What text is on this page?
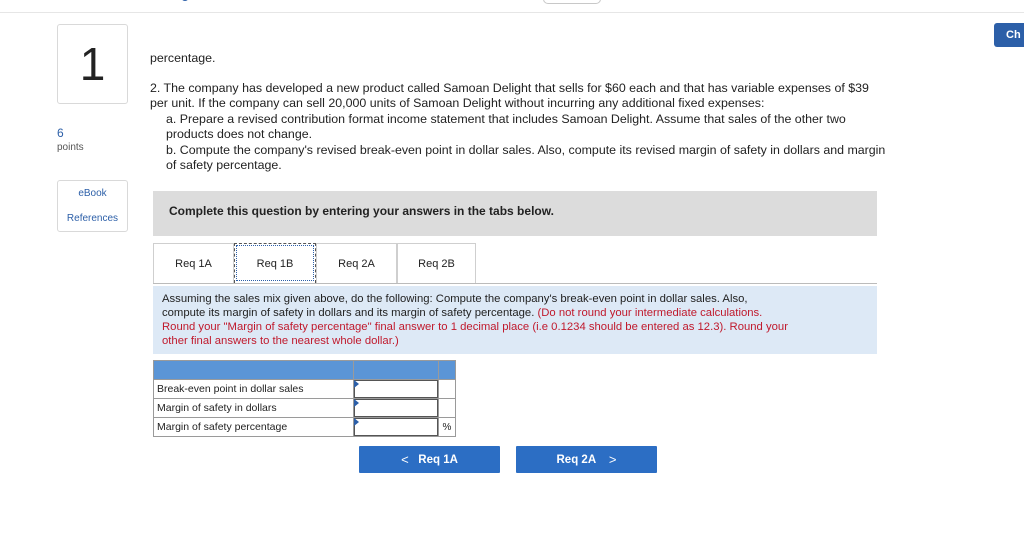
1
6
points
eBook
References
Ch
percentage.

2. The company has developed a new product called Samoan Delight that sells for $60 each and that has variable expenses of $39

per unit. If the company can sell 20,000 units of Samoan Delight without incurring any additional fixed expenses:

a. Prepare a revised contribution format income statement that includes Samoan Delight. Assume that sales of the other two

products does not change.

b. Compute the company's revised break-even point in dollar sales. Also, compute its revised margin of safety in dollars and margin

of safety percentage.

Complete this question by entering your answers in the tabs below.
Req 1A	Req 1B	Req 2A	Req 2B
Assuming the sales mix given above, do the following: Compute the company's break-even point in dollar sales. Also,
compute its margin of safety in dollars and its margin of safety percentage. (Do not round your intermediate calculations.
Round your "Margin of safety percentage" final answer to 1 decimal place (i.e 0.1234 should be entered as 12.3). Round your
other final answers to the nearest whole dollar.)

Break-even point in dollar sales	

Margin of safety in dollars	

Margin of safety percentage		%
<
Req 1A	Req 2A
>
